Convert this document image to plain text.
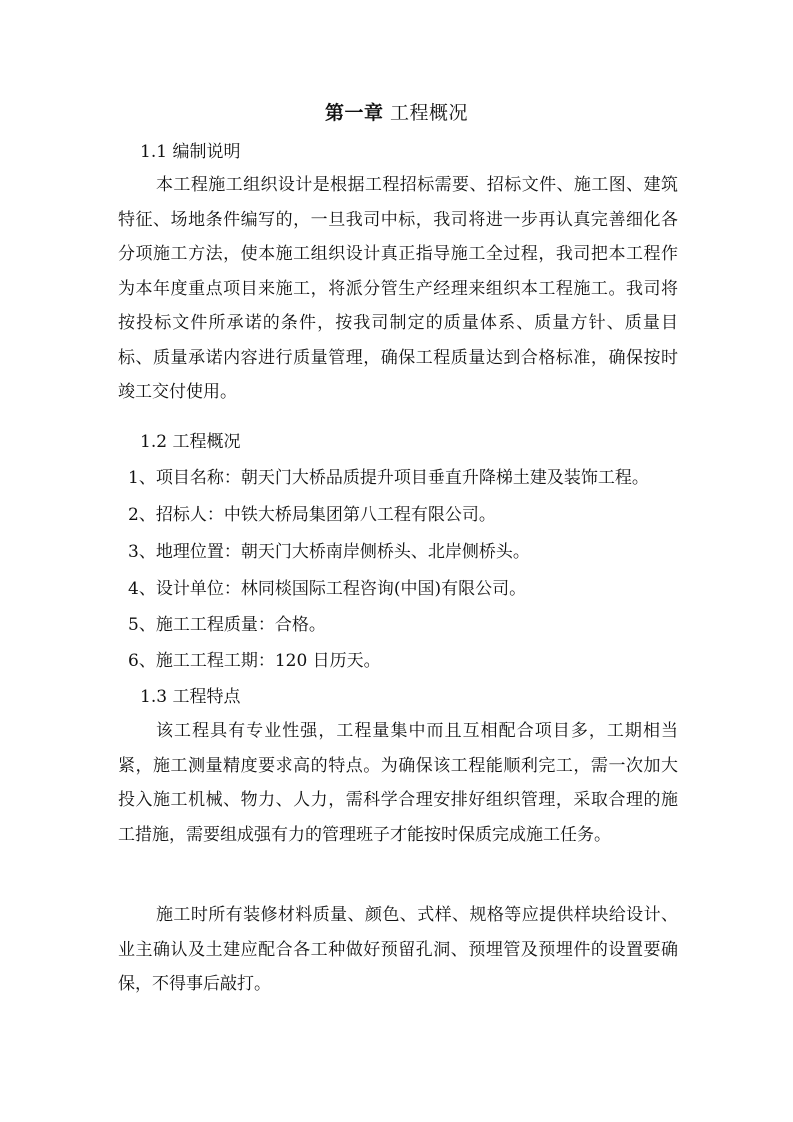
第一章 工程概况
1.1 编制说明

本工程施工组织设计是根据工程招标需要、招标文件、施工图、建筑特征、场地条件编写的，一旦我司中标，我司将进一步再认真完善细化各分项施工方法，使本施工组织设计真正指导施工全过程，我司把本工程作为本年度重点项目来施工，将派分管生产经理来组织本工程施工。我司将按投标文件所承诺的条件，按我司制定的质量体系、质量方针、质量目标、质量承诺内容进行质量管理，确保工程质量达到合格标准，确保按时竣工交付使用。

1.2 工程概况
1、项目名称：朝天门大桥品质提升项目垂直升降梯土建及装饰工程。
2、招标人：中铁大桥局集团第八工程有限公司。
3、地理位置：朝天门大桥南岸侧桥头、北岸侧桥头。
4、设计单位：林同棪国际工程咨询(中国)有限公司。
5、施工工程质量：合格。
6、施工工程工期：120 日历天。
1.3 工程特点

该工程具有专业性强，工程量集中而且互相配合项目多，工期相当紧，施工测量精度要求高的特点。为确保该工程能顺利完工，需一次加大投入施工机械、物力、人力，需科学合理安排好组织管理，采取合理的施工措施，需要组成强有力的管理班子才能按时保质完成施工任务。

施工时所有装修材料质量、颜色、式样、规格等应提供样块给设计、业主确认及土建应配合各工种做好预留孔洞、预埋管及预埋件的设置要确保，不得事后敲打。
